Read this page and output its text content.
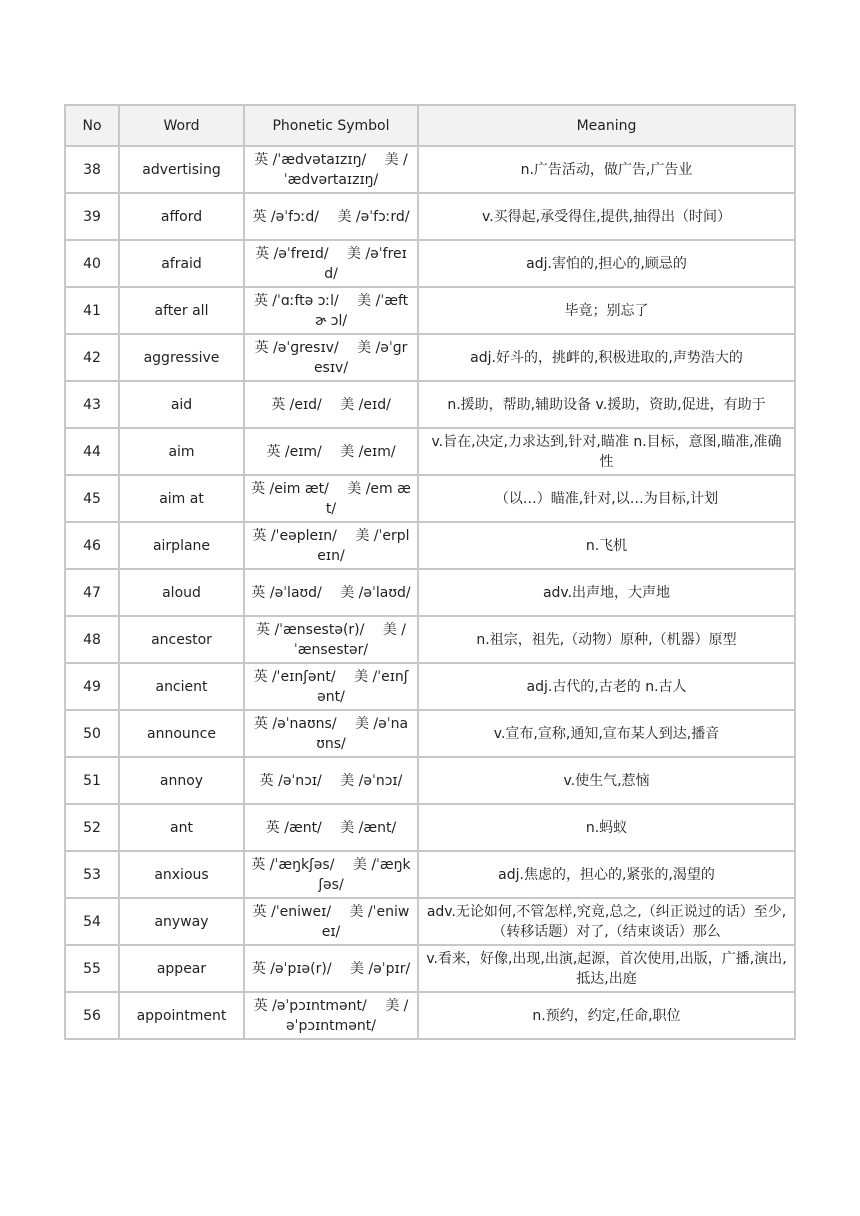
No	Word	Phonetic Symbol	Meaning
38	advertising	英 /ˈædvətaɪzɪŋ/　 美 /ˈædvərtaɪzɪŋ/	n.广告活动，做广告,广告业
39	afford	英 /əˈfɔːd/　 美 /əˈfɔːrd/	v.买得起,承受得住,提供,抽得出（时间）
40	afraid	英 /əˈfreɪd/　 美 /əˈfreɪd/	adj.害怕的,担心的,顾忌的
41	after all	英 /ˈɑːftə ɔːl/　 美 /ˈæftɚ ɔl/	毕竟；别忘了
42	aggressive	英 /əˈɡresɪv/　 美 /əˈɡresɪv/	adj.好斗的，挑衅的,积极进取的,声势浩大的
43	aid	英 /eɪd/　 美 /eɪd/	n.援助，帮助,辅助设备 v.援助，资助,促进，有助于
44	aim	英 /eɪm/　 美 /eɪm/	v.旨在,决定,力求达到,针对,瞄准 n.目标，意图,瞄准,准确性
45	aim at	英 /eim æt/　 美 /em æt/	（以…）瞄准,针对,以…为目标,计划
46	airplane	英 /ˈeəpleɪn/　 美 /ˈerpleɪn/	n.飞机
47	aloud	英 /əˈlaʊd/　 美 /əˈlaʊd/	adv.出声地，大声地
48	ancestor	英 /ˈænsestə(r)/　 美 /ˈænsestər/	n.祖宗，祖先,（动物）原种,（机器）原型
49	ancient	英 /ˈeɪnʃənt/　 美 /ˈeɪnʃənt/	adj.古代的,古老的 n.古人
50	announce	英 /əˈnaʊns/　 美 /əˈnaʊns/	v.宣布,宣称,通知,宣布某人到达,播音
51	annoy	英 /əˈnɔɪ/　 美 /əˈnɔɪ/	v.使生气,惹恼
52	ant	英 /ænt/　 美 /ænt/	n.蚂蚁
53	anxious	英 /ˈæŋkʃəs/　 美 /ˈæŋkʃəs/	adj.焦虑的，担心的,紧张的,渴望的
54	anyway	英 /ˈeniweɪ/　 美 /ˈeniweɪ/	adv.无论如何,不管怎样,究竟,总之,（纠正说过的话）至少,（转移话题）对了,（结束谈话）那么
55	appear	英 /əˈpɪə(r)/　 美 /əˈpɪr/	v.看来，好像,出现,出演,起源，首次使用,出版，广播,演出,抵达,出庭
56	appointment	英 /əˈpɔɪntmənt/　 美 /əˈpɔɪntmənt/	n.预约，约定,任命,职位
